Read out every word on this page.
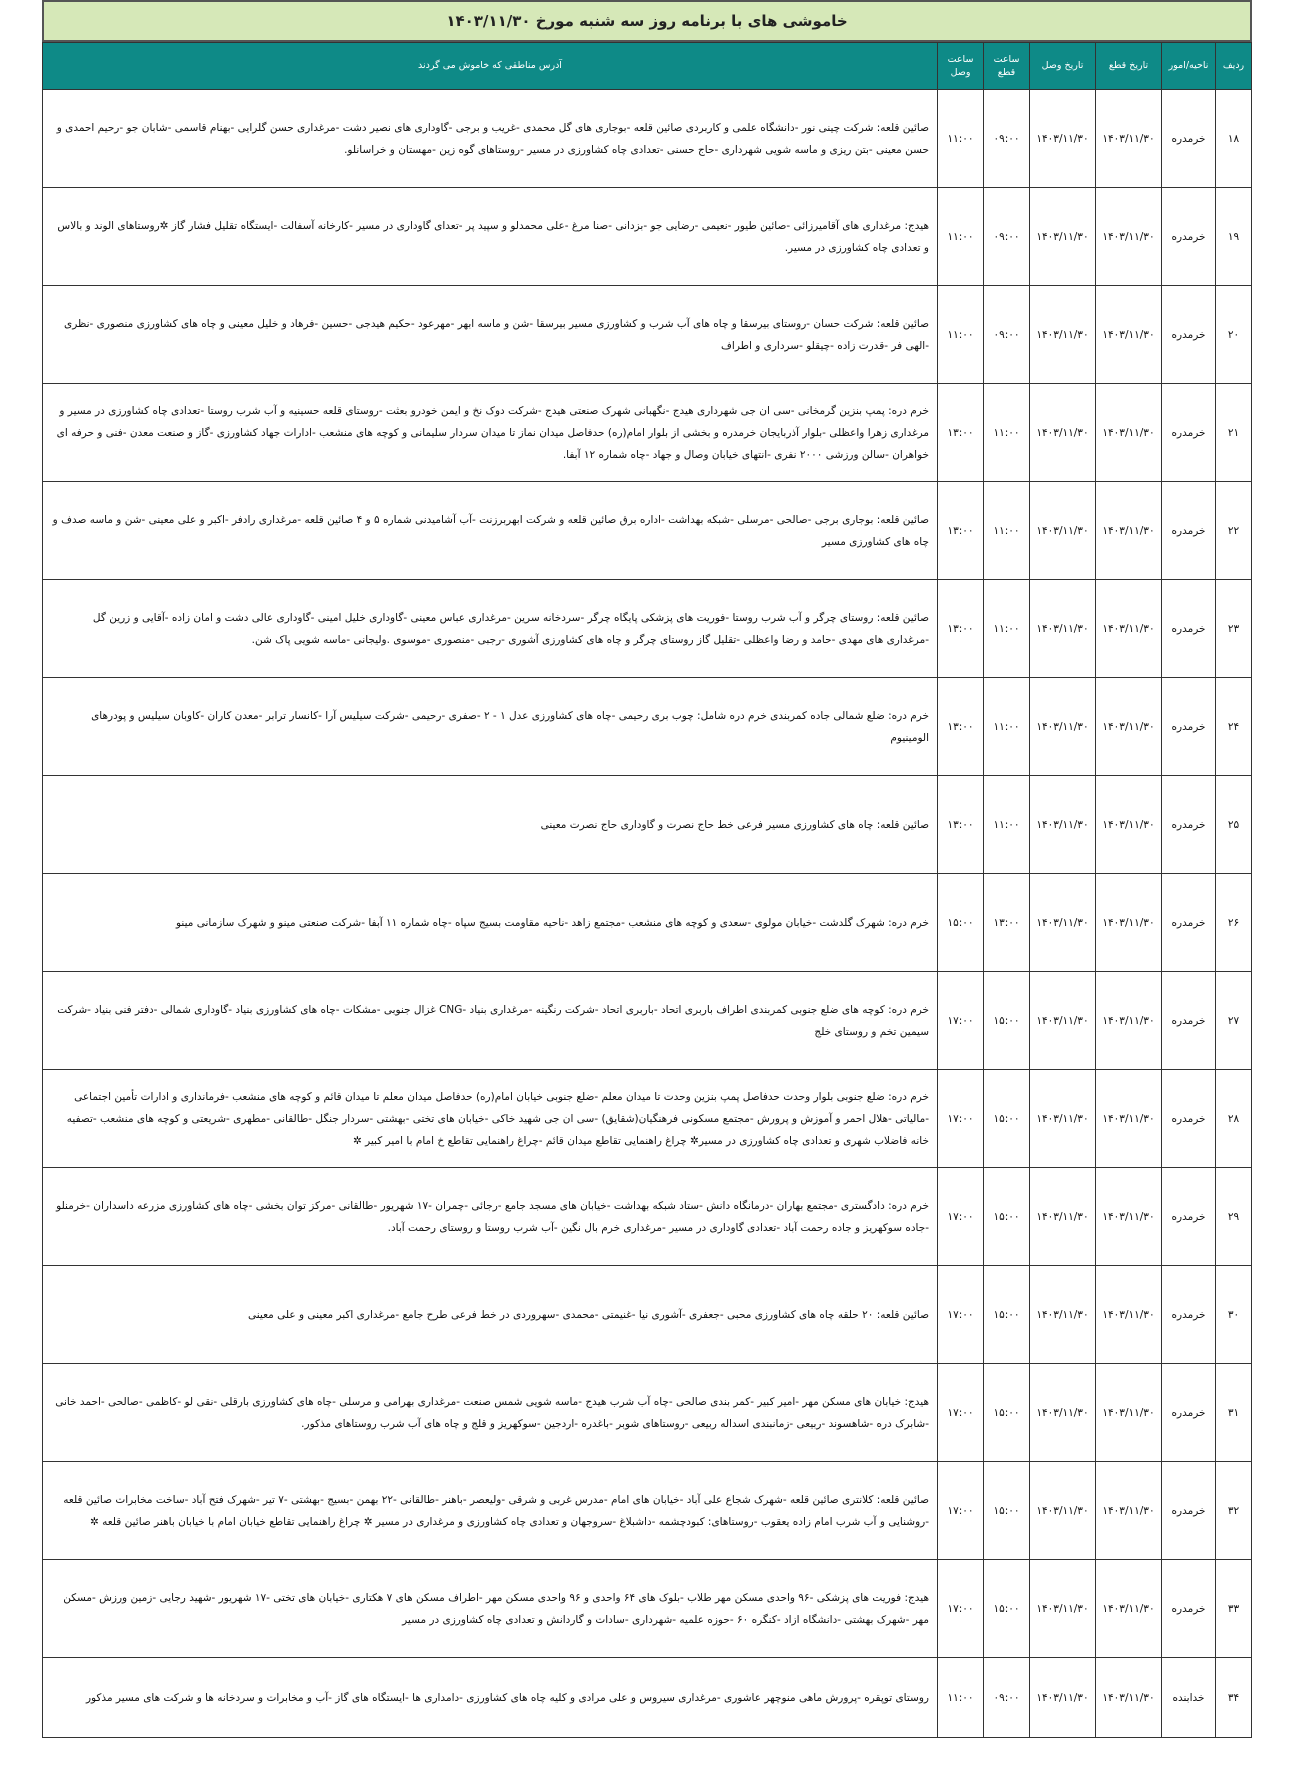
خاموشی های با برنامه روز سه شنبه مورخ ۱۴۰۳/۱۱/۳۰
ردیف	ناحیه/امور	تاریخ قطع	تاریخ وصل	ساعت قطع	ساعت وصل	آدرس مناطقی که خاموش می گردند
۱۸	خرمدره	۱۴۰۳/۱۱/۳۰	۱۴۰۳/۱۱/۳۰	۰۹:۰۰	۱۱:۰۰	صائین قلعه: شرکت چینی نور -دانشگاه علمی و کاربردی صائین قلعه -بوجاری های گل محمدی -غریب و برجی -گاوداری های نصیر دشت -مرغداری حسن گلرایی -بهنام قاسمی -شابان جو -رحیم احمدی و حسن معینی -بتن ریزی و ماسه شویی شهرداری -حاج حسنی -تعدادی چاه کشاورزی در مسیر -روستاهای گوه زین -مهستان و خراسانلو.
۱۹	خرمدره	۱۴۰۳/۱۱/۳۰	۱۴۰۳/۱۱/۳۰	۰۹:۰۰	۱۱:۰۰	هیدج: مرغداری های آقامیرزائی -صائین طیور -نعیمی -رضایی جو -بزدانی -صنا مرغ -علی محمدلو و سپید پر -تعدای گاوداری در مسیر -کارخانه آسفالت -ایستگاه تقلیل فشار گاز ✲روستاهای الوند و بالاس و تعدادی چاه کشاورزی در مسیر.
۲۰	خرمدره	۱۴۰۳/۱۱/۳۰	۱۴۰۳/۱۱/۳۰	۰۹:۰۰	۱۱:۰۰	صائین قلعه: شرکت حسان -روستای بیرسقا و چاه های آب شرب و کشاورزی مسیر بیرسقا -شن و ماسه ابهر -مهرعود -حکیم هیدجی -حسین -فرهاد و خلیل معینی و چاه های کشاورزی منصوری -نظری -الهی فر -قدرت زاده -چیقلو -سرداری و اطراف
۲۱	خرمدره	۱۴۰۳/۱۱/۳۰	۱۴۰۳/۱۱/۳۰	۱۱:۰۰	۱۳:۰۰	خرم دره: پمپ بنزین گرمخانی -سی ان جی شهرداری هیدج -نگهبانی شهرک صنعتی هیدج -شرکت دوک نخ و ایمن خودرو بعثت -روستای قلعه حسینیه و آب شرب روستا -تعدادی چاه کشاورزی در مسیر و مرغداری زهرا واعظلی -بلوار آذربایجان خرمدره و بخشی از بلوار امام(ره) حدفاصل میدان نماز تا میدان سردار سلیمانی و کوچه های منشعب -ادارات جهاد کشاورزی -گاز و صنعت معدن -فنی و حرفه ای خواهران -سالن ورزشی ۲۰۰۰ نفری -انتهای خیابان وصال و جهاد -چاه شماره ۱۲ آبفا.
۲۲	خرمدره	۱۴۰۳/۱۱/۳۰	۱۴۰۳/۱۱/۳۰	۱۱:۰۰	۱۳:۰۰	صائین قلعه: بوجاری برجی -صالحی -مرسلی -شبکه بهداشت -اداره برق صائین قلعه و شرکت ابهربرزنت -آب آشامیدنی شماره ۵ و ۴ صائین قلعه -مرغداری رادفر -اکبر و علی معینی -شن و ماسه صدف و چاه های کشاورزی مسیر
۲۳	خرمدره	۱۴۰۳/۱۱/۳۰	۱۴۰۳/۱۱/۳۰	۱۱:۰۰	۱۳:۰۰	صائین قلعه: روستای چرگر و آب شرب روستا -فوریت های پزشکی پایگاه چرگر -سردخانه سرین -مرغداری عباس معینی -گاوداری خلیل امینی -گاوداری عالی دشت و امان زاده -آقایی و زرین گل -مرغداری های مهدی -حامد و رضا واعظلی -تقلیل گاز روستای چرگر و چاه های کشاورزی آشوری -رجبی -منصوری -موسوی .ولیجانی -ماسه شویی پاک شن.
۲۴	خرمدره	۱۴۰۳/۱۱/۳۰	۱۴۰۳/۱۱/۳۰	۱۱:۰۰	۱۳:۰۰	خرم دره: ضلع شمالی جاده کمربندی خرم دره شامل: چوب بری رحیمی -چاه های کشاورزی عدل ۱ - ۲ -صفری -رحیمی -شرکت سیلیس آرا -کانسار ترابر -معدن کاران -کاوبان سیلیس و پودرهای الومینیوم
۲۵	خرمدره	۱۴۰۳/۱۱/۳۰	۱۴۰۳/۱۱/۳۰	۱۱:۰۰	۱۳:۰۰	صائین قلعه: چاه های کشاورزی مسیر فرعی خط حاج نصرت و گاوداری حاج نصرت معینی
۲۶	خرمدره	۱۴۰۳/۱۱/۳۰	۱۴۰۳/۱۱/۳۰	۱۳:۰۰	۱۵:۰۰	خرم دره: شهرک گلدشت -خیابان مولوی -سعدی و کوچه های منشعب -مجتمع زاهد -ناحیه مقاومت بسیج سپاه -چاه شماره ۱۱ آبفا -شرکت صنعتی مینو و شهرک سازمانی مینو
۲۷	خرمدره	۱۴۰۳/۱۱/۳۰	۱۴۰۳/۱۱/۳۰	۱۵:۰۰	۱۷:۰۰	خرم دره: کوچه های ضلع جنوبی کمربندی اطراف باربری اتحاد -باربری اتحاد -شرکت رنگینه -مرغداری بنیاد -CNG غزال جنوبی -مشکات -چاه های کشاورزی بنیاد -گاوداری شمالی -دفتر فنی بنیاد -شرکت سیمین تخم و روستای خلج
۲۸	خرمدره	۱۴۰۳/۱۱/۳۰	۱۴۰۳/۱۱/۳۰	۱۵:۰۰	۱۷:۰۰	خرم دره: ضلع جنوبی بلوار وحدت حدفاصل پمپ بنزین وحدت تا میدان معلم -ضلع جنوبی خیابان امام(ره) حدفاصل میدان معلم تا میدان قائم و کوچه های منشعب -فرمانداری و ادارات تأمین اجتماعی -مالیاتی -هلال احمر و آموزش و پرورش -مجتمع مسکونی فرهنگیان(شقایق) -سی ان جی شهید خاکی -خیابان های تختی -بهشتی -سردار جنگل -طالقانی -مطهری -شریعتی و کوچه های منشعب -تصفیه خانه فاضلاب شهری و تعدادی چاه کشاورزی در مسیر✲ چراغ راهنمایی تقاطع میدان قائم -چراغ راهنمایی تقاطع خ امام با امیر کبیر ✲
۲۹	خرمدره	۱۴۰۳/۱۱/۳۰	۱۴۰۳/۱۱/۳۰	۱۵:۰۰	۱۷:۰۰	خرم دره: دادگستری -مجتمع بهاران -درمانگاه دانش -ستاد شبکه بهداشت -خیابان های مسجد جامع -رجائی -چمران -۱۷ شهریور -طالقانی -مرکز توان بخشی -چاه های کشاورزی مزرعه داسداران -خرمنلو -جاده سوکهریز و جاده رحمت آباد -تعدادی گاوداری در مسیر -مرغداری خرم بال نگین -آب شرب روستا و روستای رحمت آباد.
۳۰	خرمدره	۱۴۰۳/۱۱/۳۰	۱۴۰۳/۱۱/۳۰	۱۵:۰۰	۱۷:۰۰	صائین قلعه: ۲۰ حلقه چاه های کشاورزی محبی -جعفری -آشوری نیا -غنیمتی -محمدی -سهروردی در خط فرعی طرح جامع -مرغداری اکبر معینی و علی معینی
۳۱	خرمدره	۱۴۰۳/۱۱/۳۰	۱۴۰۳/۱۱/۳۰	۱۵:۰۰	۱۷:۰۰	هیدج: خیابان های مسکن مهر -امیر کبیر -کمر بندی صالحی -چاه آب شرب هیدج -ماسه شویی شمس صنعت -مرغداری بهرامی و مرسلی -چاه های کشاورزی بارقلی -نقی لو -کاظمی -صالحی -احمد خانی -شابرک دره -شاهسوند -ربیعی -زمانبندی اسداله ربیعی -روستاهای شوبر -باغدره -اردجین -سوکهریز و قلج و چاه های آب شرب روستاهای مذکور.
۳۲	خرمدره	۱۴۰۳/۱۱/۳۰	۱۴۰۳/۱۱/۳۰	۱۵:۰۰	۱۷:۰۰	صائین قلعه: کلانتری صائین قلعه -شهرک شجاع علی آباد -خیابان های امام -مدرس غربی و شرقی -ولیعصر -باهنر -طالقانی -۲۲ بهمن -بسیج -بهشتی -۷ تیر -شهرک فتح آباد -ساخت مخابرات صائین قلعه -روشنایی و آب شرب امام زاده یعقوب -روستاهای: کبودچشمه -داشبلاغ -سروجهان و تعدادی چاه کشاورزی و مرغداری در مسیر ✲ چراغ راهنمایی تقاطع خیابان امام با خیابان باهنر صائین قلعه ✲
۳۳	خرمدره	۱۴۰۳/۱۱/۳۰	۱۴۰۳/۱۱/۳۰	۱۵:۰۰	۱۷:۰۰	هیدج: فوریت های پزشکی -۹۶ واحدی مسکن مهر طلاب -بلوک های ۶۴ واحدی و ۹۶ واحدی مسکن مهر -اطراف مسکن های ۷ هکتاری -خیابان های تختی -۱۷ شهریور -شهید رجایی -زمین ورزش -مسکن مهر -شهرک بهشتی -دانشگاه ازاد -کنگره ۶۰ -حوزه علمیه -شهرداری -سادات و گاردانش و تعدادی چاه کشاورزی در مسیر
۳۴	خدابنده	۱۴۰۳/۱۱/۳۰	۱۴۰۳/۱۱/۳۰	۰۹:۰۰	۱۱:۰۰	روستای توپقره -پرورش ماهی منوچهر عاشوری -مرغداری سیروس و علی مرادی و کلیه چاه های کشاورزی -دامداری ها -ایستگاه های گاز -آب و مخابرات و سردخانه ها و شرکت های مسیر مذکور
